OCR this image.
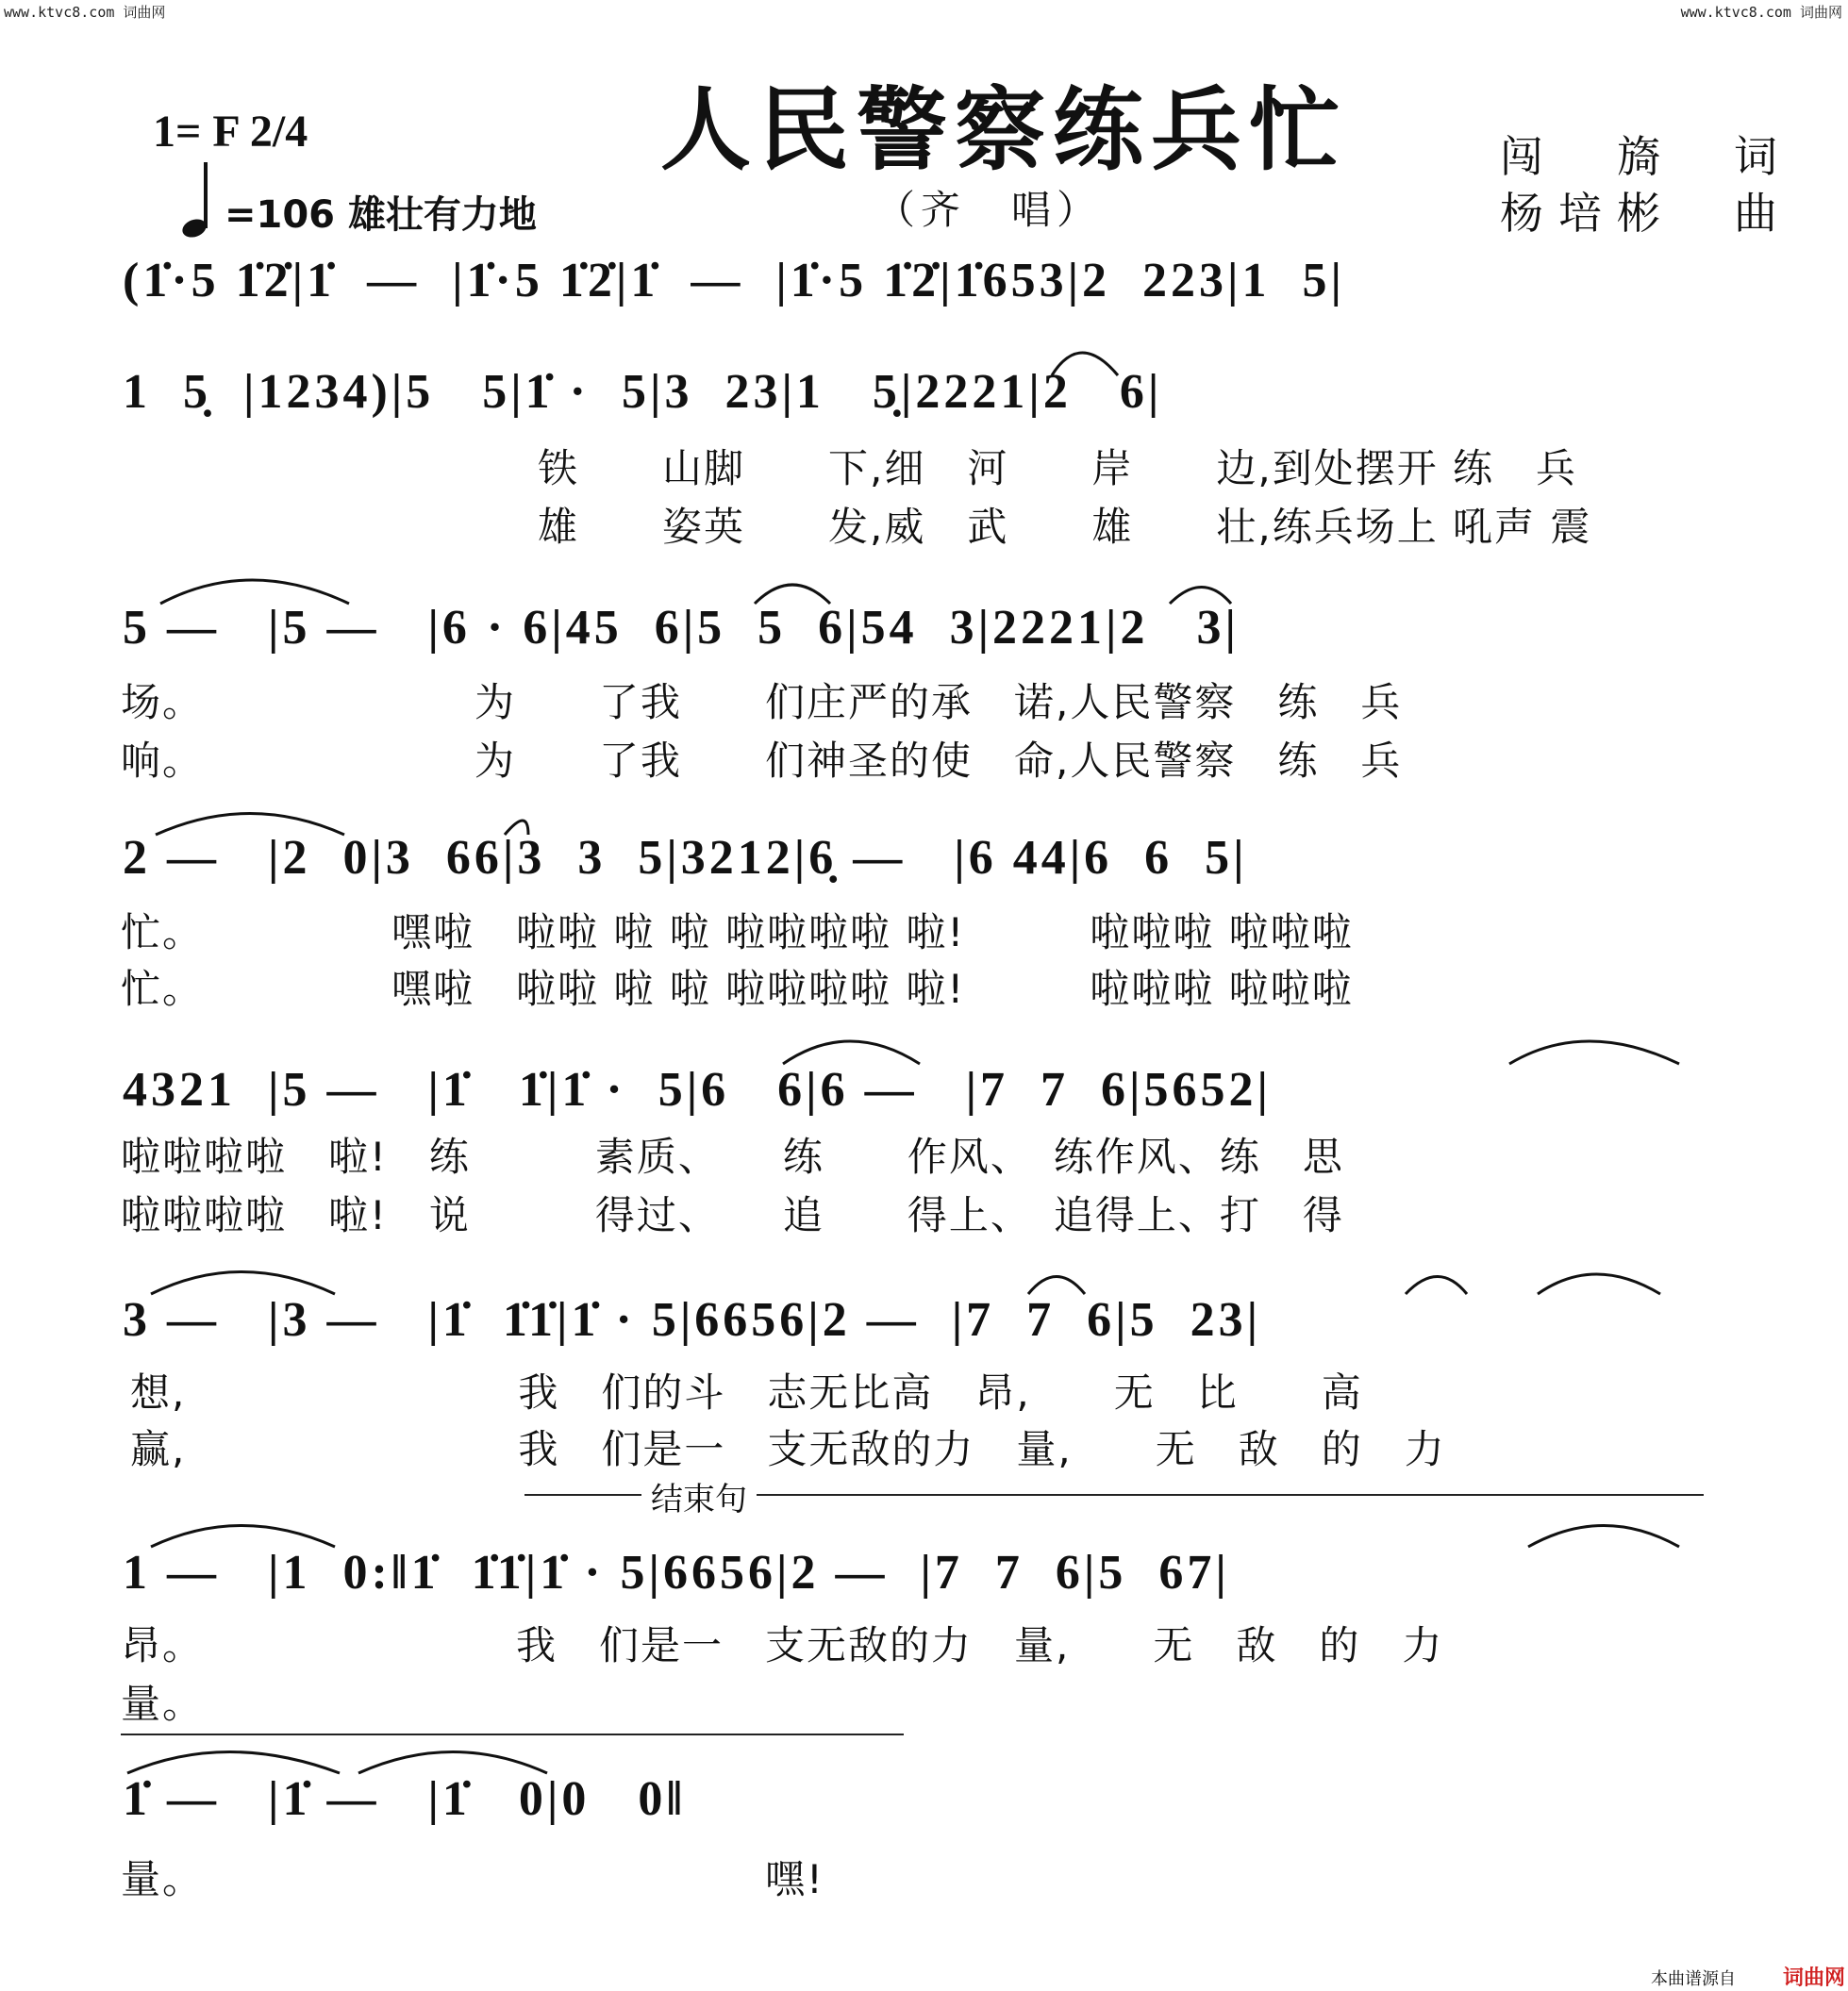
www.ktvc8.com 词曲网	www.ktvc8.com 词曲网
人民警察练兵忙
（齐　唱）
1= F 2/4
=106 雄壮有力地
闯　旖　词
杨培彬　曲
(1̇·5 1̇2̇|1̇  —  |1̇·5 1̇2̇|1̇  —  |1̇·5 1̇2̇|1̇653|2  223|1  5|
1  5̣  |1234)|5   5|1̇ ·  5|3  23|1   5̣|2221|2   6|
铁　　山脚　　下,细　河　　岸　　边,到处摆开 练　兵
雄　　姿英　　发,威　武　　雄　　壮,练兵场上 吼声 震
5 —   |5 —   |6 · 6|45  6|5  5  6|54  3|2221|2   3|
场。　　　　　　　为　　了我　　们庄严的承　诺,人民警察　练　兵
响。　　　　　　　为　　了我　　们神圣的使　命,人民警察　练　兵
2 —   |2  0|3  66|3  3  5|3212|6̣ —   |6 44|6  6  5|
忙。　　　　　嘿啦　啦啦 啦 啦 啦啦啦啦 啦!　　　啦啦啦 啦啦啦
忙。　　　　　嘿啦　啦啦 啦 啦 啦啦啦啦 啦!　　　啦啦啦 啦啦啦
4321  |5 —   |1̇   1̇|1̇ ·  5|6   6|6 —   |7  7  6|5652|
啦啦啦啦　啦!　练　　　素质、　　练　　作风、　练作风、练　思
啦啦啦啦　啦!　说　　　得过、　　追　　得上、　追得上、打　得
3 —   |3 —   |1̇  1̇1̇|1̇ · 5|6656|2 —  |7  7  6|5  23|
想,　　　　　　　　我　们的斗　志无比高　昂,　　无　比　　高
赢,　　　　　　　　我　们是一　支无敌的力　量,　　无　敌　的　力
结束句
1 —   |1  0:‖1̇  1̇1̇|1̇ · 5|6656|2 —  |7  7  6|5  67|
昂。　　　　　　　　我　们是一　支无敌的力　量,　　无　敌　的　力
量。
1̇ —   |1̇ —   |1̇   0|0   0‖
量。　　　　　　　　　　　　　　嘿!
本曲谱源自 词曲网
